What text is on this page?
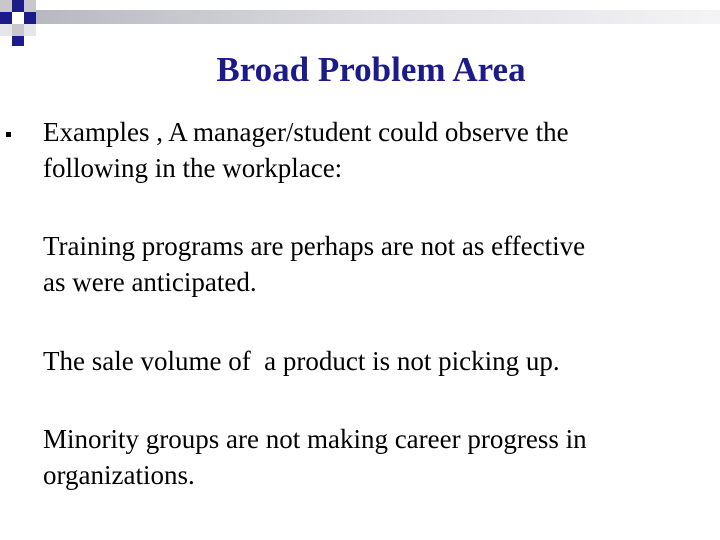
Broad Problem Area
Examples , A manager/student could observe the
following in the workplace:
Training programs are perhaps are not as effective
as were anticipated.
The sale volume of  a product is not picking up.
Minority groups are not making career progress in
organizations.
